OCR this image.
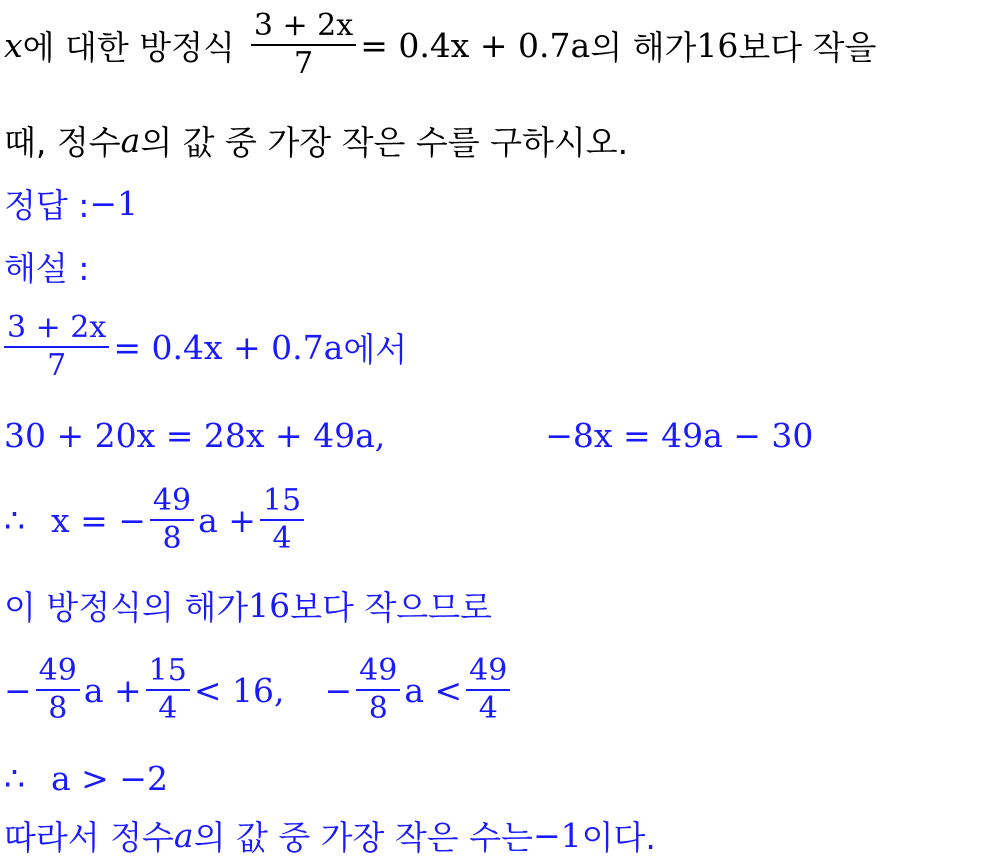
x 에 대한 방정식 $\frac{3 + 2x}{7} = 0.4x + 0.7a$ 의 해가 16 보다 작을
때, 정수 a 의 값 중 가장 작은 수를 구하시오.
정답 : −1
해설 :
$\frac{3 + 2x}{7} = 0.4x + 0.7a$ 에서
30 + 20x = 28x + 49a,	−8x = 49a − 30
∴ x = − $\frac{49}{8}$ $a + \frac{15}{4}$
이 방정식의 해가 16 보다 작으므로
− $\frac{49}{8}$ $a + \frac{15}{4} < 16$, − $\frac{49}{8}$ $a < \frac{49}{4}$
∴ a > −2
따라서 정수 a 의 값 중 가장 작은 수는 −1 이다.
